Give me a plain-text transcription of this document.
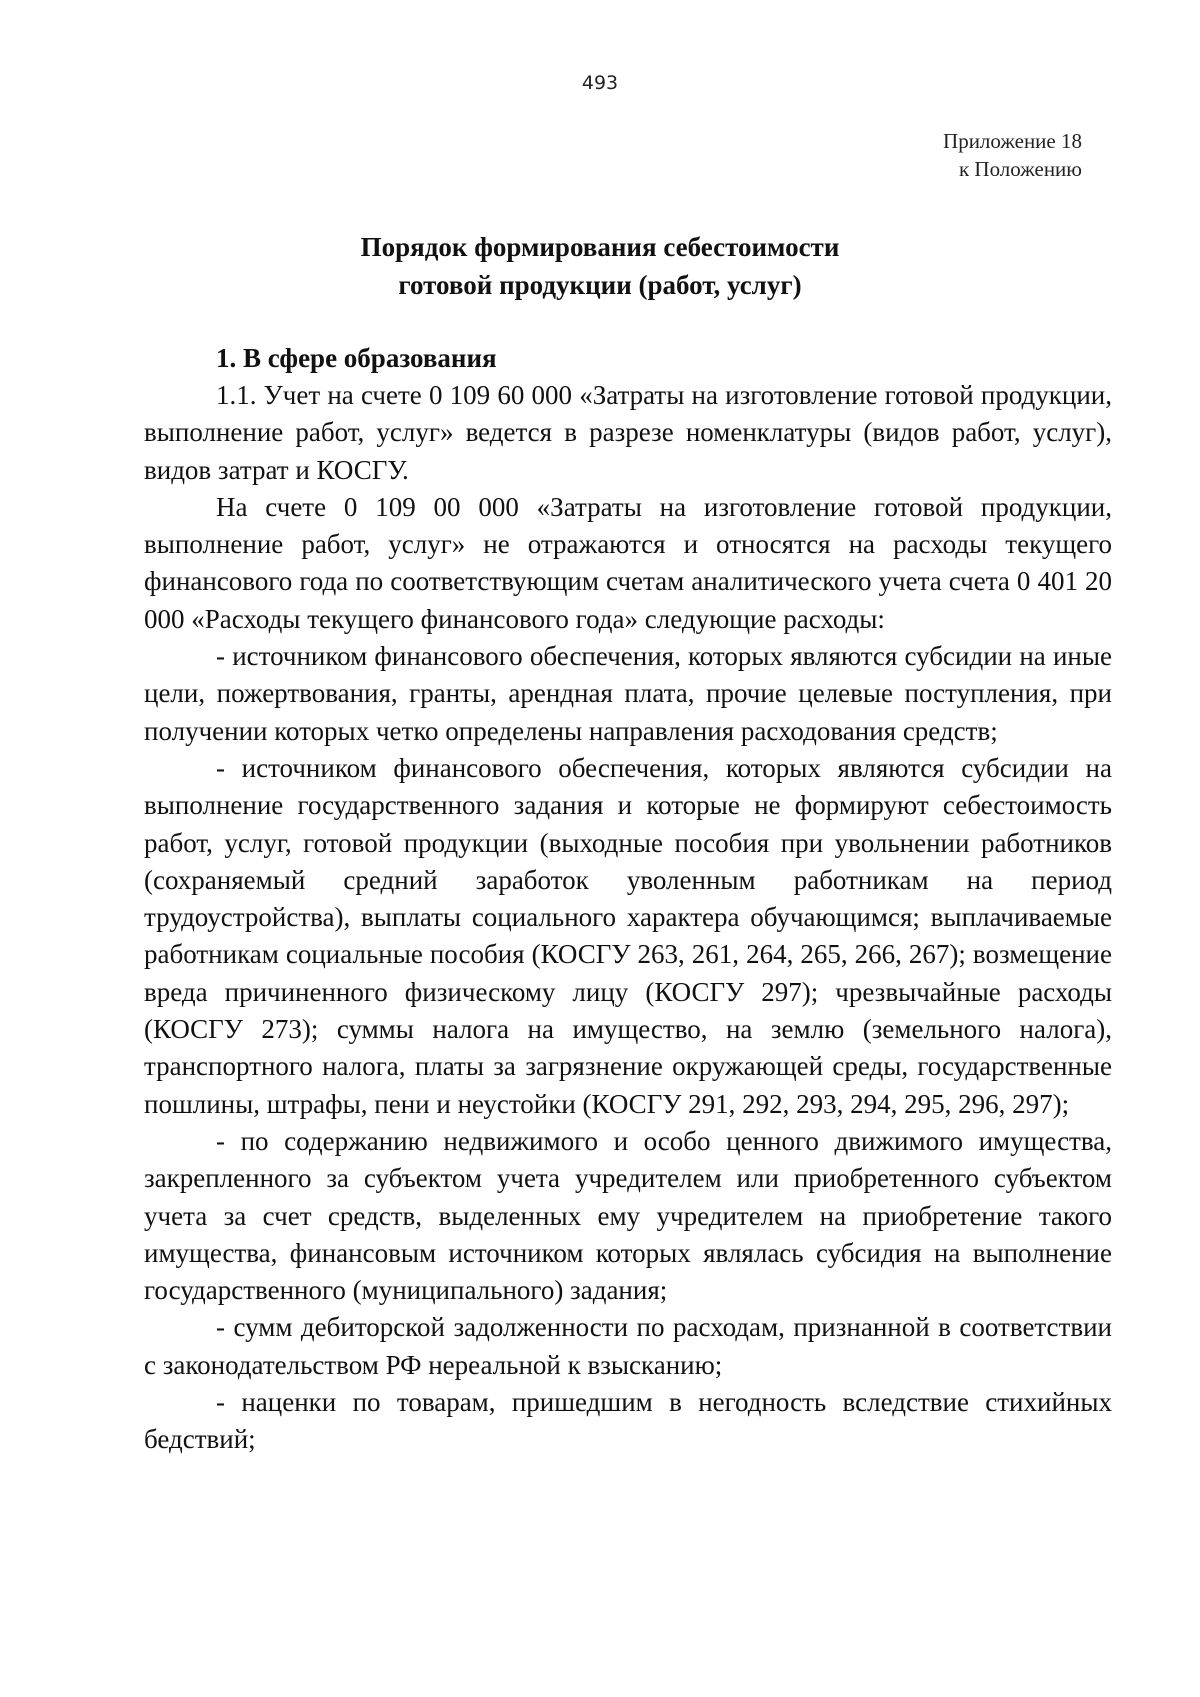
493
Приложение 18
к Положению
Порядок формирования себестоимости
готовой продукции (работ, услуг)
1. В сфере образования

1.1. Учет на счете 0 109 60 000 «Затраты на изготовление готовой продукции, выполнение работ, услуг» ведется в разрезе номенклатуры (видов работ, услуг), видов затрат и КОСГУ.

На счете 0 109 00 000 «Затраты на изготовление готовой продукции, выполнение работ, услуг» не отражаются и относятся на расходы текущего финансового года по соответствующим счетам аналитического учета счета 0 401 20 000 «Расходы текущего финансового года» следующие расходы:

- источником финансового обеспечения, которых являются субсидии на иные цели, пожертвования, гранты, арендная плата, прочие целевые поступления, при получении которых четко определены направления расходования средств;

- источником финансового обеспечения, которых являются субсидии на выполнение государственного задания и которые не формируют себестоимость работ, услуг, готовой продукции (выходные пособия при увольнении работников (сохраняемый средний заработок уволенным работникам на период трудоустройства), выплаты социального характера обучающимся; выплачиваемые работникам социальные пособия (КОСГУ 263, 261, 264, 265, 266, 267); возмещение вреда причиненного физическому лицу (КОСГУ 297); чрезвычайные расходы (КОСГУ 273); суммы налога на имущество, на землю (земельного налога), транспортного налога, платы за загрязнение окружающей среды, государственные пошлины, штрафы, пени и неустойки (КОСГУ 291, 292, 293, 294, 295, 296, 297);

- по содержанию недвижимого и особо ценного движимого имущества, закрепленного за субъектом учета учредителем или приобретенного субъектом учета за счет средств, выделенных ему учредителем на приобретение такого имущества, финансовым источником которых являлась субсидия на выполнение государственного (муниципального) задания;

- сумм дебиторской задолженности по расходам, признанной в соответствии с законодательством РФ нереальной к взысканию;

- наценки по товарам, пришедшим в негодность вследствие стихийных бедствий;
